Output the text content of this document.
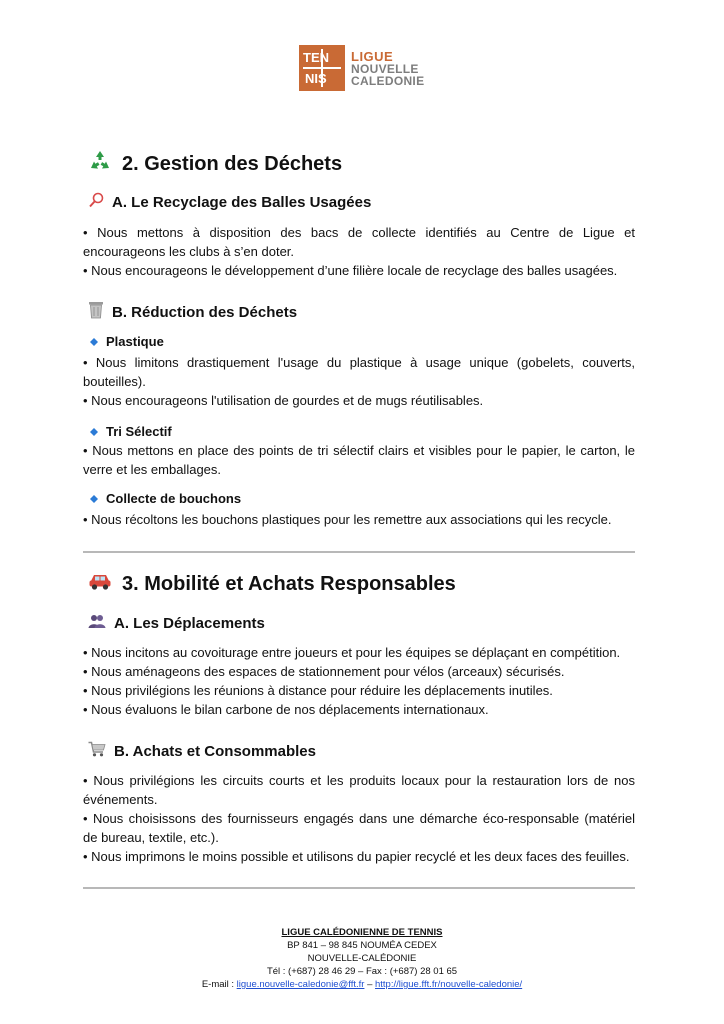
TEN
NIS
LIGUE
NOUVELLE
CALEDONIE
2. Gestion des Déchets
A. Le Recyclage des Balles Usagées

• Nous mettons à disposition des bacs de collecte identifiés au Centre de Ligue et encourageons les clubs à s’en doter.

• Nous encourageons le développement d’une filière locale de recyclage des balles usagées.

B. Réduction des Déchets
Plastique

• Nous limitons drastiquement l'usage du plastique à usage unique (gobelets, couverts, bouteilles).

• Nous encourageons l'utilisation de gourdes et de mugs réutilisables.

Tri Sélectif

• Nous mettons en place des points de tri sélectif clairs et visibles pour le papier, le carton, le verre et les emballages.

Collecte de bouchons

• Nous récoltons les bouchons plastiques pour les remettre aux associations qui les recycle.

3. Mobilité et Achats Responsables
A. Les Déplacements

• Nous incitons au covoiturage entre joueurs et pour les équipes se déplaçant en compétition.

• Nous aménageons des espaces de stationnement pour vélos (arceaux) sécurisés.

• Nous privilégions les réunions à distance pour réduire les déplacements inutiles.

• Nous évaluons le bilan carbone de nos déplacements internationaux.

B. Achats et Consommables

• Nous privilégions les circuits courts et les produits locaux pour la restauration lors de nos événements.

• Nous choisissons des fournisseurs engagés dans une démarche éco-responsable (matériel de bureau, textile, etc.).

• Nous imprimons le moins possible et utilisons du papier recyclé et les deux faces des feuilles.

LIGUE CALÉDONIENNE DE TENNIS
BP 841 – 98 845 NOUMÉA CEDEX
NOUVELLE-CALÉDONIE
Tél : (+687) 28 46 29 – Fax : (+687) 28 01 65
E-mail : ligue.nouvelle-caledonie@fft.fr – http://ligue.fft.fr/nouvelle-caledonie/
